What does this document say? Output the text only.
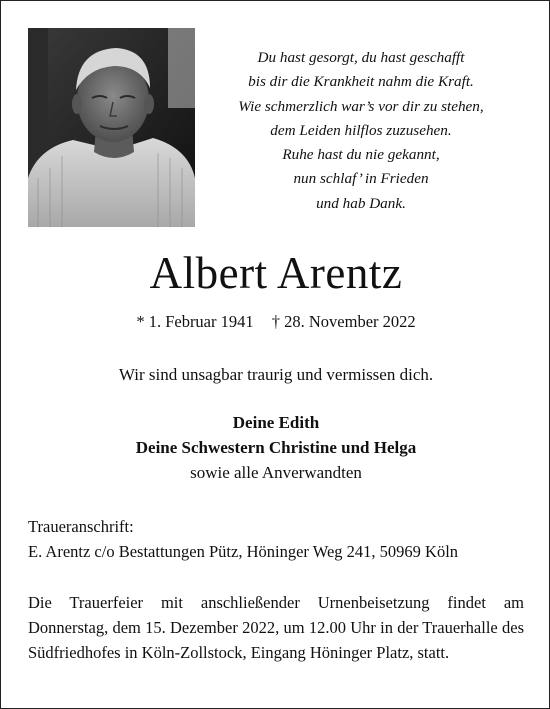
Du hast gesorgt, du hast geschafft
bis dir die Krankheit nahm die Kraft.
Wie schmerzlich war’s vor dir zu stehen,
dem Leiden hilflos zuzusehen.
Ruhe hast du nie gekannt,
nun schlaf’ in Frieden
und hab Dank.
Albert Arentz
* 1. Februar 1941 † 28. November 2022
Wir sind unsagbar traurig und vermissen dich.
Deine Edith
Deine Schwestern Christine und Helga
sowie alle Anverwandten
Traueranschrift:
E. Arentz c/o Bestattungen Pütz, Höninger Weg 241, 50969 Köln
Die Trauerfeier mit anschließender Urnenbeisetzung findet am Donnerstag, dem 15. Dezember 2022, um 12.00 Uhr in der Trauerhalle des Südfriedhofes in Köln-Zollstock, Eingang Höninger Platz, statt.
